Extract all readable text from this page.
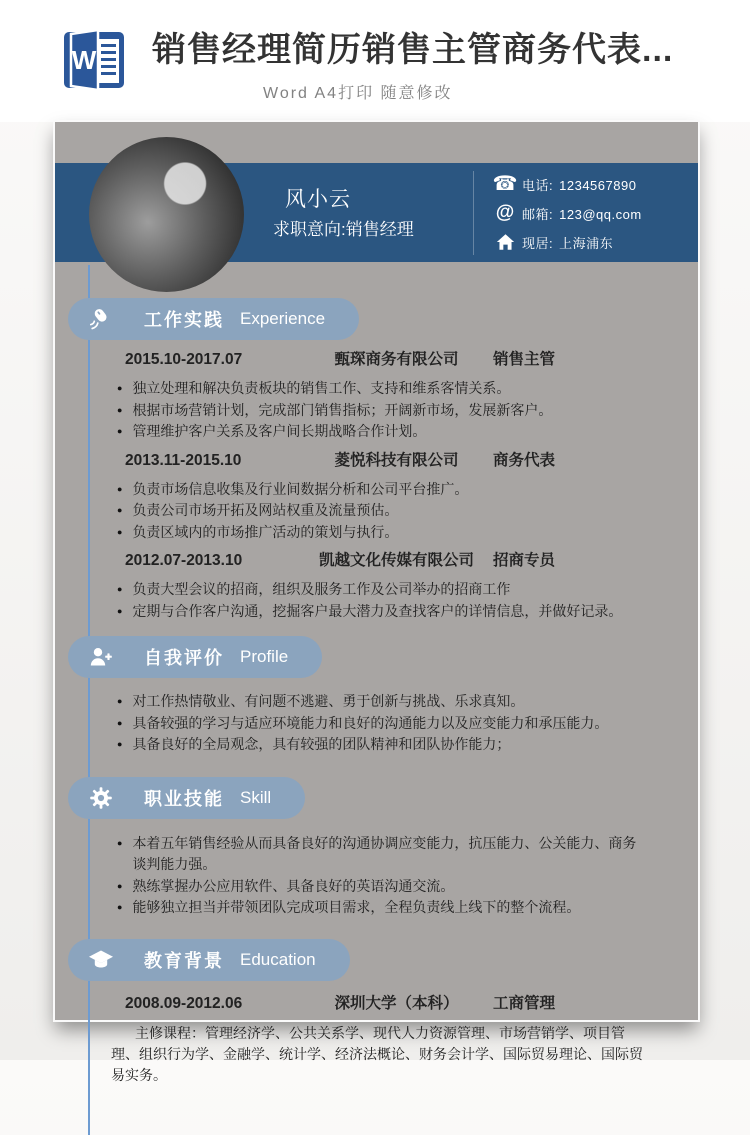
W 销售经理简历销售主管商务代表...
Word A4打印 随意修改
风小云
求职意向:销售经理
☎ 电话: 1234567890
@ 邮箱: 123@qq.com
现居: 上海浦东
工作实践 Experience
2015.10-2017.07	甄琛商务有限公司	销售主管
● 独立处理和解决负责板块的销售工作、支持和维系客情关系。
● 根据市场营销计划，完成部门销售指标；开阔新市场，发展新客户。
● 管理维护客户关系及客户间长期战略合作计划。
2013.11-2015.10	菱悦科技有限公司	商务代表
● 负责市场信息收集及行业间数据分析和公司平台推广。
● 负责公司市场开拓及网站权重及流量预估。
● 负责区域内的市场推广活动的策划与执行。
2012.07-2013.10	凯越文化传媒有限公司	招商专员
● 负责大型会议的招商，组织及服务工作及公司举办的招商工作
● 定期与合作客户沟通，挖掘客户最大潜力及查找客户的详情信息，并做好记录。
自我评价 Profile
● 对工作热情敬业、有问题不逃避、勇于创新与挑战、乐求真知。
● 具备较强的学习与适应环境能力和良好的沟通能力以及应变能力和承压能力。
● 具备良好的全局观念，具有较强的团队精神和团队协作能力；
职业技能 Skill
● 本着五年销售经验从而具备良好的沟通协调应变能力，抗压能力、公关能力、商务谈判能力强。
● 熟练掌握办公应用软件、具备良好的英语沟通交流。
● 能够独立担当并带领团队完成项目需求，全程负责线上线下的整个流程。
教育背景 Education
2008.09-2012.06	深圳大学（本科）	工商管理
主修课程：管理经济学、公共关系学、现代人力资源管理、市场营销学、项目管理、组织行为学、金融学、统计学、经济法概论、财务会计学、国际贸易理论、国际贸易实务。
